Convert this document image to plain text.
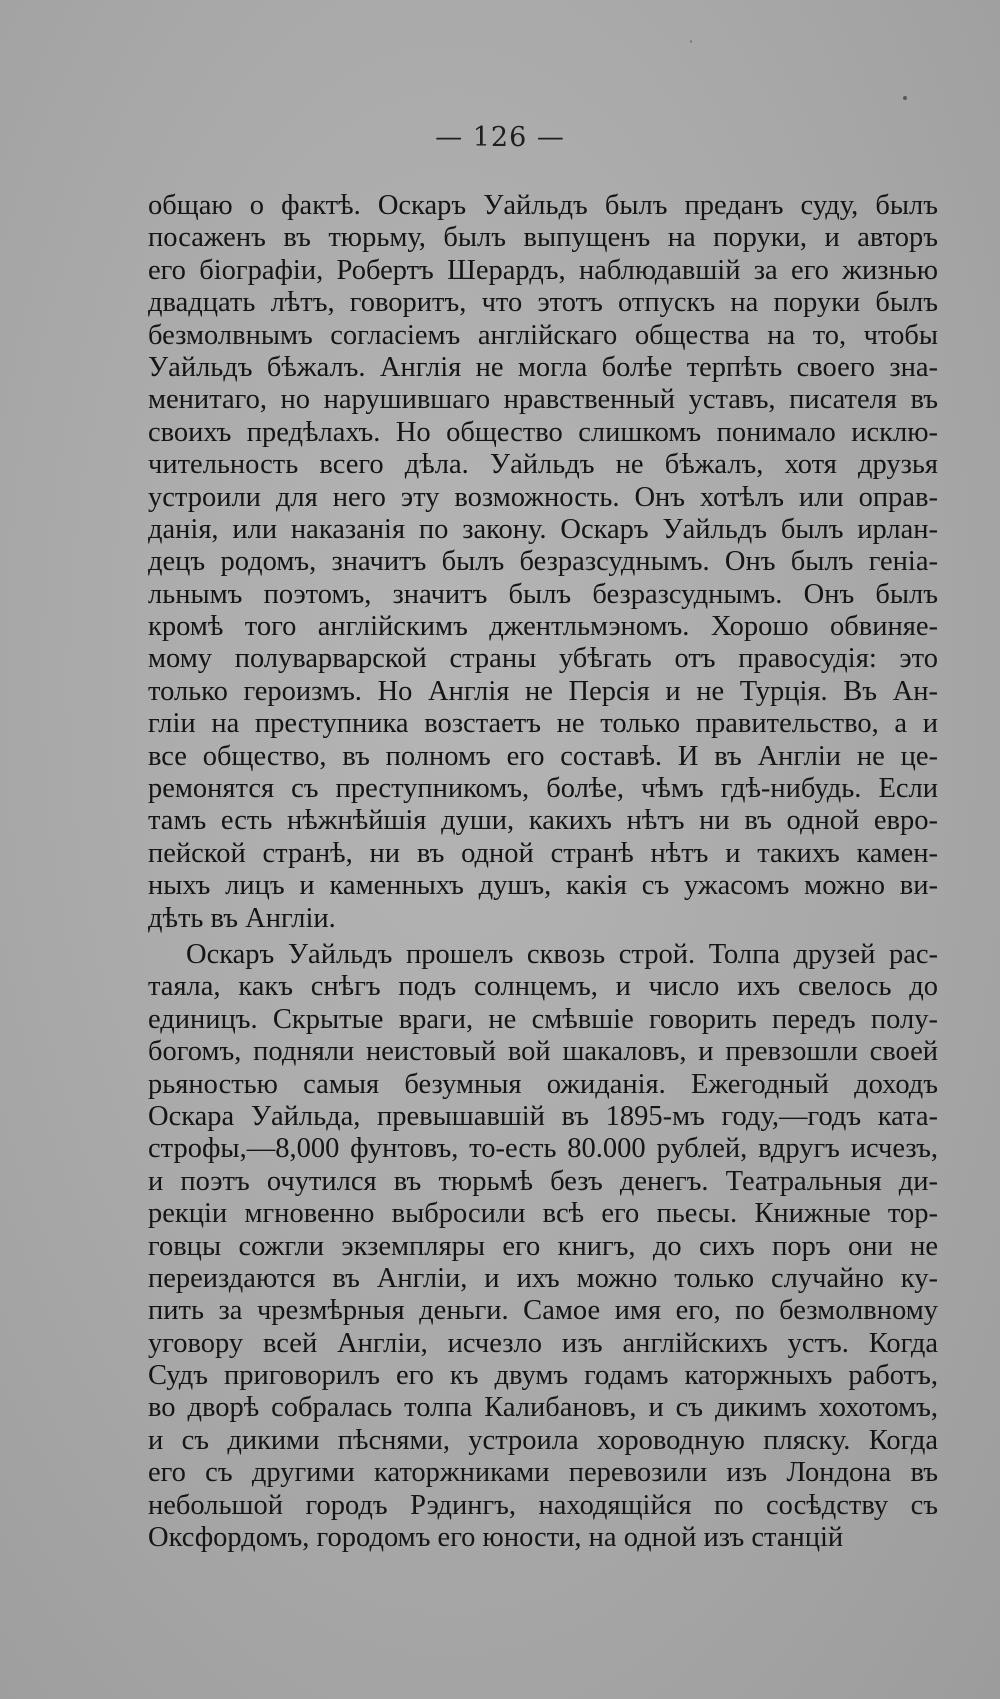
— 126 —
общаю о фактѣ. Оскаръ Уайльдъ былъ преданъ суду, былъ
посаженъ въ тюрьму, былъ выпущенъ на поруки, и авторъ
его біографіи, Робертъ Шерардъ, наблюдавшій за его жизнью
двадцать лѣтъ, говоритъ, что этотъ отпускъ на поруки былъ
безмолвнымъ согласіемъ англійскаго общества на то, чтобы
Уайльдъ бѣжалъ. Англія не могла болѣе терпѣть своего зна-
менитаго, но нарушившаго нравственный уставъ, писателя въ
своихъ предѣлахъ. Но общество слишкомъ понимало исклю-
чительность всего дѣла. Уайльдъ не бѣжалъ, хотя друзья
устроили для него эту возможность. Онъ хотѣлъ или оправ-
данія, или наказанія по закону. Оскаръ Уайльдъ былъ ирлан-
децъ родомъ, значитъ былъ безразсуднымъ. Онъ былъ геніа-
льнымъ поэтомъ, значитъ былъ безразсуднымъ. Онъ былъ
кромѣ того англійскимъ джентльмэномъ. Хорошо обвиняе-
мому полуварварской страны убѣгать отъ правосудія: это
только героизмъ. Но Англія не Персія и не Турція. Въ Ан-
гліи на преступника возстаетъ не только правительство, а и
все общество, въ полномъ его составѣ. И въ Англіи не це-
ремонятся съ преступникомъ, болѣе, чѣмъ гдѣ-нибудь. Если
тамъ есть нѣжнѣйшія души, какихъ нѣтъ ни въ одной евро-
пейской странѣ, ни въ одной странѣ нѣтъ и такихъ камен-
ныхъ лицъ и каменныхъ душъ, какія съ ужасомъ можно ви-
дѣть въ Англіи.
Оскаръ Уайльдъ прошелъ сквозь строй. Толпа друзей рас-
таяла, какъ снѣгъ подъ солнцемъ, и число ихъ свелось до
единицъ. Скрытые враги, не смѣвшіе говорить передъ полу-
богомъ, подняли неистовый вой шакаловъ, и превзошли своей
рьяностью самыя безумныя ожиданія. Ежегодный доходъ
Оскара Уайльда, превышавшій въ 1895-мъ году,—годъ ката-
строфы,—8,000 фунтовъ, то-есть 80.000 рублей, вдругъ исчезъ,
и поэтъ очутился въ тюрьмѣ безъ денегъ. Театральныя ди-
рекціи мгновенно выбросили всѣ его пьесы. Книжные тор-
говцы сожгли экземпляры его книгъ, до сихъ поръ они не
переиздаются въ Англіи, и ихъ можно только случайно ку-
пить за чрезмѣрныя деньги. Самое имя его, по безмолвному
уговору всей Англіи, исчезло изъ англійскихъ устъ. Когда
Судъ приговорилъ его къ двумъ годамъ каторжныхъ работъ,
во дворѣ собралась толпа Калибановъ, и съ дикимъ хохотомъ,
и съ дикими пѣснями, устроила хороводную пляску. Когда
его съ другими каторжниками перевозили изъ Лондона въ
небольшой городъ Рэдингъ, находящійся по сосѣдству съ
Оксфордомъ, городомъ его юности, на одной изъ станцій
